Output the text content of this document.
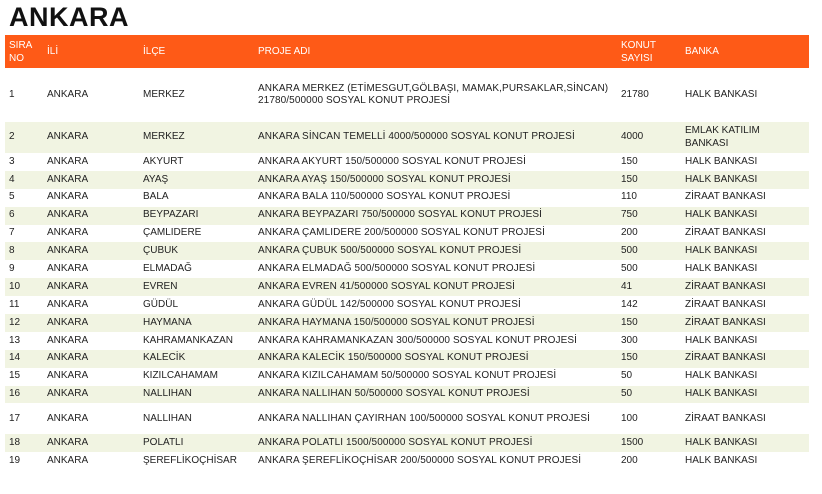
ANKARA
SIRA NO	İLİ	İLÇE	PROJE ADI	KONUT SAYISI	BANKA
1	ANKARA	MERKEZ	ANKARA MERKEZ (ETİMESGUT,GÖLBAŞI, MAMAK,PURSAKLAR,SİNCAN) 21780/500000 SOSYAL KONUT PROJESİ	21780	HALK BANKASI
2	ANKARA	MERKEZ	ANKARA SİNCAN TEMELLİ 4000/500000 SOSYAL KONUT PROJESİ	4000	EMLAK KATILIM BANKASI
3	ANKARA	AKYURT	ANKARA AKYURT 150/500000 SOSYAL KONUT PROJESİ	150	HALK BANKASI
4	ANKARA	AYAŞ	ANKARA AYAŞ 150/500000 SOSYAL KONUT PROJESİ	150	HALK BANKASI
5	ANKARA	BALA	ANKARA BALA 110/500000 SOSYAL KONUT PROJESİ	110	ZİRAAT BANKASI
6	ANKARA	BEYPAZARI	ANKARA BEYPAZARI 750/500000 SOSYAL KONUT PROJESİ	750	HALK BANKASI
7	ANKARA	ÇAMLIDERE	ANKARA ÇAMLIDERE 200/500000 SOSYAL KONUT PROJESİ	200	ZİRAAT BANKASI
8	ANKARA	ÇUBUK	ANKARA ÇUBUK 500/500000 SOSYAL KONUT PROJESİ	500	HALK BANKASI
9	ANKARA	ELMADAĞ	ANKARA ELMADAĞ 500/500000 SOSYAL KONUT PROJESİ	500	HALK BANKASI
10	ANKARA	EVREN	ANKARA EVREN 41/500000 SOSYAL KONUT PROJESİ	41	ZİRAAT BANKASI
11	ANKARA	GÜDÜL	ANKARA GÜDÜL 142/500000 SOSYAL KONUT PROJESİ	142	ZİRAAT BANKASI
12	ANKARA	HAYMANA	ANKARA HAYMANA 150/500000 SOSYAL KONUT PROJESİ	150	ZİRAAT BANKASI
13	ANKARA	KAHRAMANKAZAN	ANKARA KAHRAMANKAZAN 300/500000 SOSYAL KONUT PROJESİ	300	HALK BANKASI
14	ANKARA	KALECİK	ANKARA KALECİK 150/500000 SOSYAL KONUT PROJESİ	150	ZİRAAT BANKASI
15	ANKARA	KIZILCAHAMAM	ANKARA KIZILCAHAMAM 50/500000 SOSYAL KONUT PROJESİ	50	HALK BANKASI
16	ANKARA	NALLIHAN	ANKARA NALLIHAN 50/500000 SOSYAL KONUT PROJESİ	50	HALK BANKASI
17	ANKARA	NALLIHAN	ANKARA NALLIHAN ÇAYIRHAN 100/500000 SOSYAL KONUT PROJESİ	100	ZİRAAT BANKASI
18	ANKARA	POLATLI	ANKARA POLATLI 1500/500000 SOSYAL KONUT PROJESİ	1500	HALK BANKASI
19	ANKARA	ŞEREFLİKOÇHİSAR	ANKARA ŞEREFLİKOÇHİSAR 200/500000 SOSYAL KONUT PROJESİ	200	HALK BANKASI
